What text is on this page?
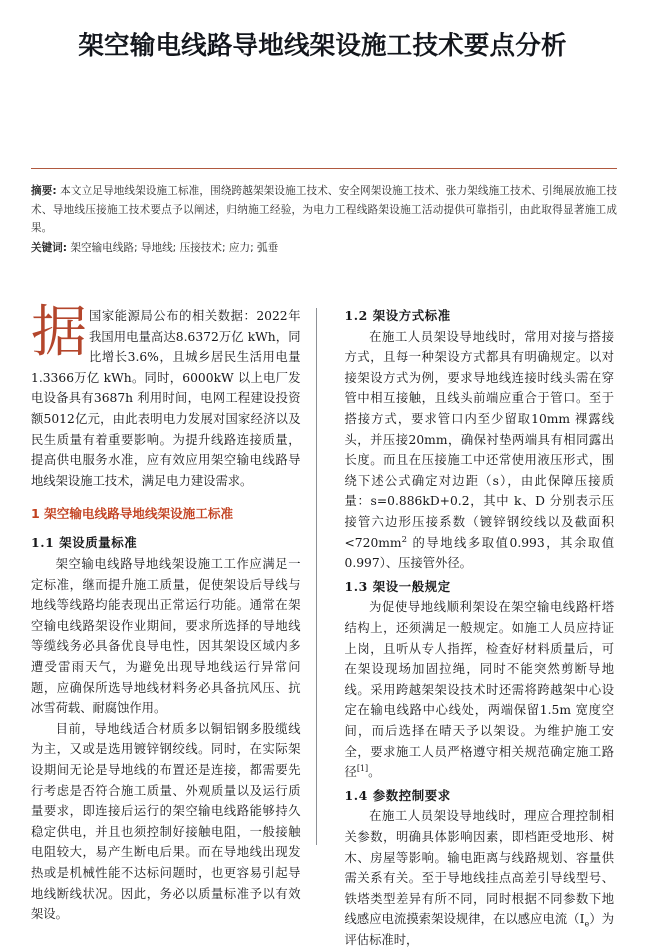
架空输电线路导地线架设施工技术要点分析

摘要: 本文立足导地线架设施工标准，围绕跨越架架设施工技术、安全网架设施工技术、张力架线施工技术、引绳展放施工技术、导地线压接施工技术要点予以阐述，归纳施工经验，为电力工程线路架设施工活动提供可靠指引，由此取得显著施工成果。

关键词: 架空输电线路; 导地线; 压接技术; 应力; 弧垂

据国家能源局公布的相关数据：2022年我国用电量高达8.6372万亿 kWh，同比增长3.6%，且城乡居民生活用电量1.3366万亿 kWh。同时，6000kW 以上电厂发电设备具有3687h 利用时间，电网工程建设投资额5012亿元，由此表明电力发展对国家经济以及民生质量有着重要影响。为提升线路连接质量，提高供电服务水准，应有效应用架空输电线路导地线架设施工技术，满足电力建设需求。

1 架空输电线路导地线架设施工标准
1.1 架设质量标准

架空输电线路导地线架设施工工作应满足一定标准，继而提升施工质量，促使架设后导线与地线等线路均能表现出正常运行功能。通常在架空输电线路架设作业期间，要求所选择的导地线等缆线务必具备优良导电性，因其架设区域内多遭受雷雨天气，为避免出现导地线运行异常问题，应确保所选导地线材料务必具备抗风压、抗冰雪荷载、耐腐蚀作用。

目前，导地线适合材质多以铜铝钢多股缆线为主，又或是选用镀锌钢绞线。同时，在实际架设期间无论是导地线的布置还是连接，都需要先行考虑是否符合施工质量、外观质量以及运行质量要求，即连接后运行的架空输电线路能够持久稳定供电，并且也须控制好接触电阻，一般接触电阻较大，易产生断电后果。而在导地线出现发热或是机械性能不达标问题时，也更容易引起导地线断线状况。因此，务必以质量标准予以有效架设。

1.2 架设方式标准

在施工人员架设导地线时，常用对接与搭接方式，且每一种架设方式都具有明确规定。以对接架设方式为例，要求导地线连接时线头需在穿管中相互接触，且线头前端应重合于管口。至于搭接方式，要求管口内至少留取10mm 裸露线头，并压接20mm，确保衬垫两端具有相同露出长度。而且在压接施工中还常使用液压形式，围绕下述公式确定对边距（s），由此保障压接质量：s=0.886kD+0.2，其中 k、D 分别表示压接管六边形压接系数（镀锌钢绞线以及截面积 $<720mm^2$ 的导地线多取值0.993，其余取值0.997）、压接管外径。

1.3 架设一般规定

为促使导地线顺利架设在架空输电线路杆塔结构上，还须满足一般规定。如施工人员应持证上岗，且听从专人指挥，检查好材料质量后，可在架设现场加固拉绳，同时不能突然剪断导地线。采用跨越架架设技术时还需将跨越架中心设定在输电线路中心线处，两端保留1.5m 宽度空间，而后选择在晴天予以架设。为维护施工安全，要求施工人员严格遵守相关规范确定施工路径[1]。

1.4 参数控制要求

在施工人员架设导地线时，理应合理控制相关参数，明确具体影响因素，即档距受地形、树木、房屋等影响。输电距离与线路规划、容量供需关系有关。至于导地线挂点高差引导线型号、铁塔类型差异有所不同，同时根据不同参数下地线感应电流摸索架设规律，在以感应电流$(I_e)$为评估标准时，
